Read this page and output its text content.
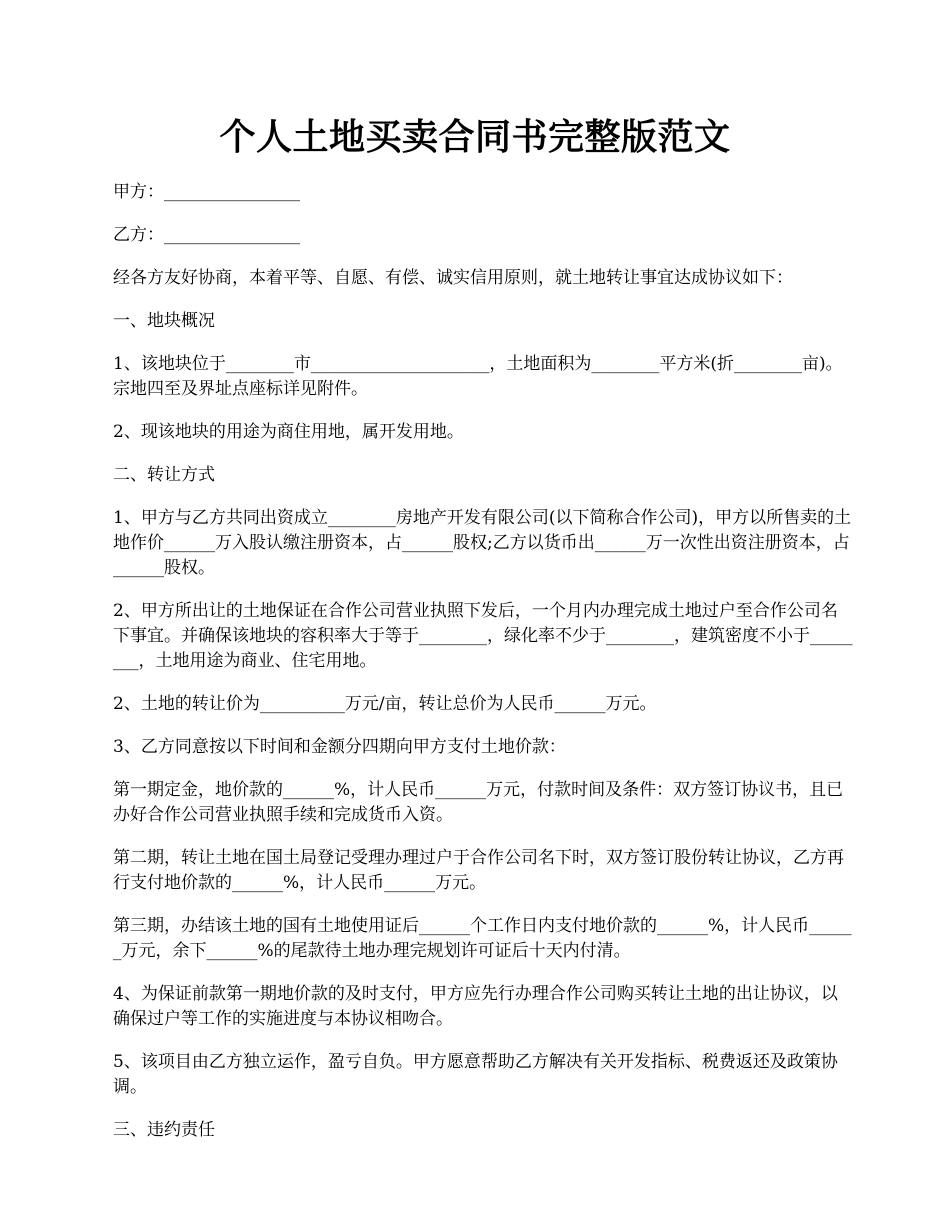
个人土地买卖合同书完整版范文

甲方：________________

乙方：________________

经各方友好协商，本着平等、自愿、有偿、诚实信用原则，就土地转让事宜达成协议如下：

一、地块概况

1、该地块位于________市_____________________，土地面积为________平方米(折________亩)。宗地四至及界址点座标详见附件。

2、现该地块的用途为商住用地，属开发用地。

二、转让方式

1、甲方与乙方共同出资成立________房地产开发有限公司(以下简称合作公司)，甲方以所售卖的土地作价______万入股认缴注册资本，占______股权;乙方以货币出______万一次性出资注册资本，占______股权。

2、甲方所出让的土地保证在合作公司营业执照下发后，一个月内办理完成土地过户至合作公司名下事宜。并确保该地块的容积率大于等于________，绿化率不少于________，建筑密度不小于________，土地用途为商业、住宅用地。

2、土地的转让价为__________万元/亩，转让总价为人民币______万元。

3、乙方同意按以下时间和金额分四期向甲方支付土地价款：

第一期定金，地价款的______%，计人民币______万元，付款时间及条件：双方签订协议书，且已办好合作公司营业执照手续和完成货币入资。

第二期，转让土地在国土局登记受理办理过户于合作公司名下时，双方签订股份转让协议，乙方再行支付地价款的______%，计人民币______万元。

第三期，办结该土地的国有土地使用证后______个工作日内支付地价款的______%，计人民币______万元，余下______%的尾款待土地办理完规划许可证后十天内付清。

4、为保证前款第一期地价款的及时支付，甲方应先行办理合作公司购买转让土地的出让协议，以确保过户等工作的实施进度与本协议相吻合。

5、该项目由乙方独立运作，盈亏自负。甲方愿意帮助乙方解决有关开发指标、税费返还及政策协调。

三、违约责任
